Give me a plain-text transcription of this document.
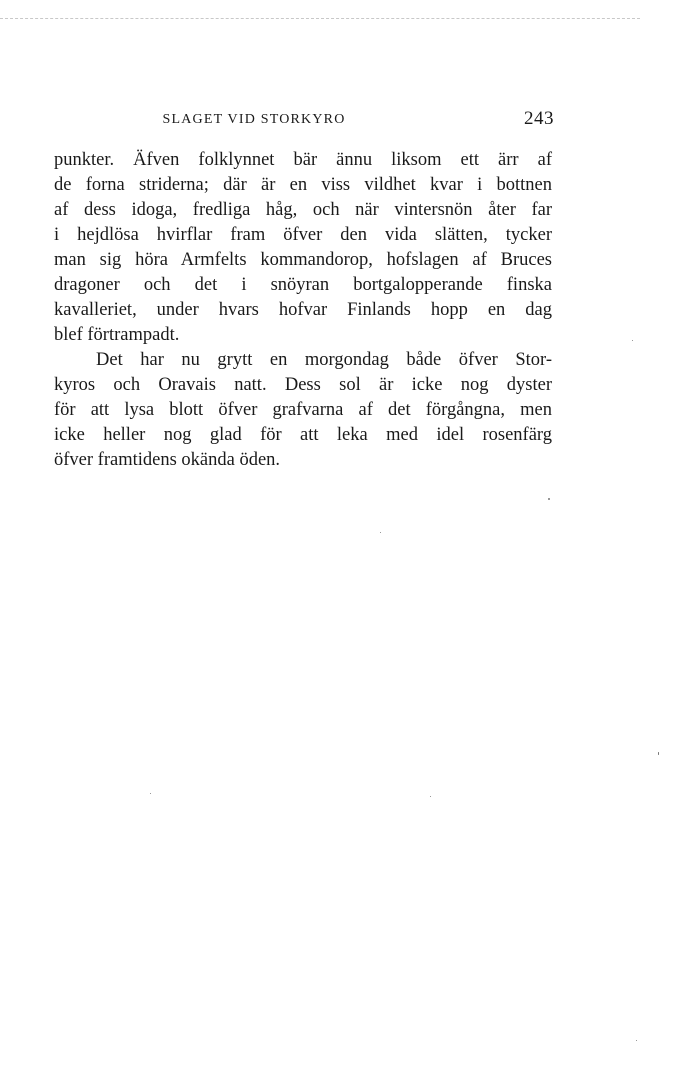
SLAGET VID STORKYRO	243
punkter. Äfven folklynnet bär ännu liksom ett ärr af
de forna striderna; där är en viss vildhet kvar i bottnen
af dess idoga, fredliga håg, och när vintersnön åter far
i hejdlösa hvirflar fram öfver den vida slätten, tycker
man sig höra Armfelts kommandorop, hofslagen af Bruces
dragoner och det i snöyran bortgalopperande finska
kavalleriet, under hvars hofvar Finlands hopp en dag
blef förtrampadt.
Det har nu grytt en morgondag både öfver Stor-
kyros och Oravais natt. Dess sol är icke nog dyster
för att lysa blott öfver grafvarna af det förgångna, men
icke heller nog glad för att leka med idel rosenfärg
öfver framtidens okända öden.
